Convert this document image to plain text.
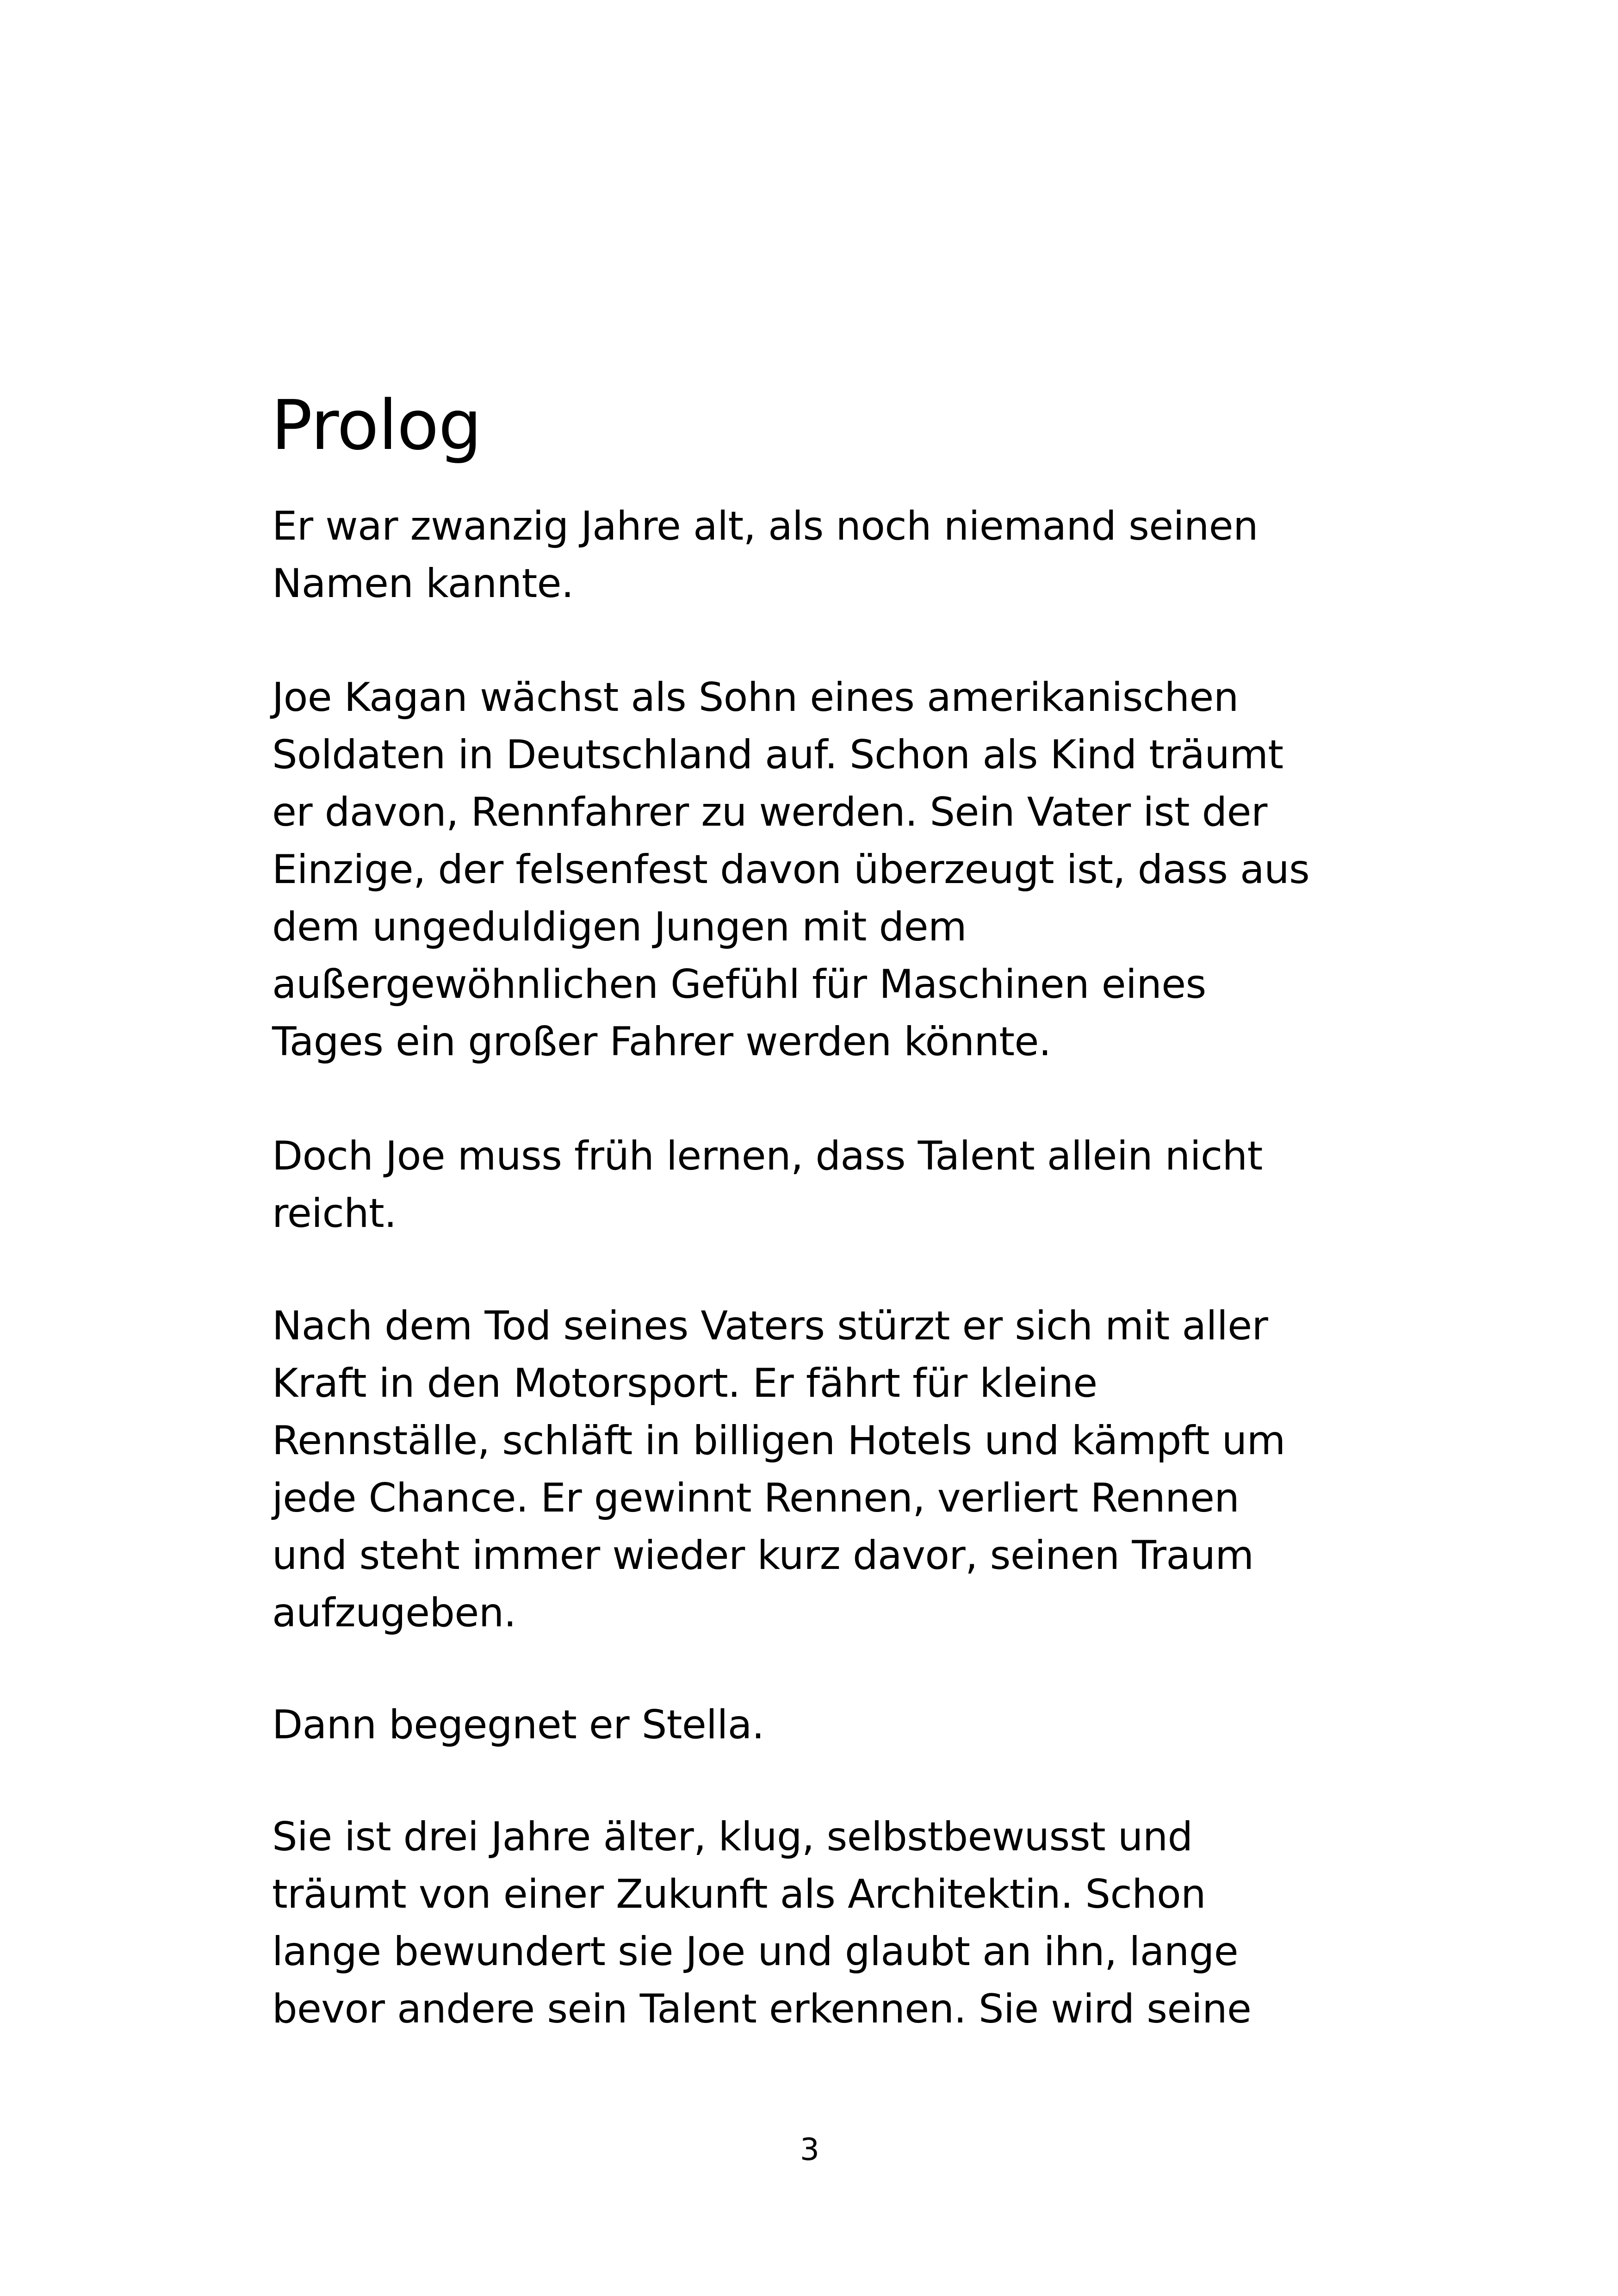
Prolog

Er war zwanzig Jahre alt, als noch niemand seinen
Namen kannte.

Joe Kagan wächst als Sohn eines amerikanischen
Soldaten in Deutschland auf. Schon als Kind träumt
er davon, Rennfahrer zu werden. Sein Vater ist der
Einzige, der felsenfest davon überzeugt ist, dass aus
dem ungeduldigen Jungen mit dem
außergewöhnlichen Gefühl für Maschinen eines
Tages ein großer Fahrer werden könnte.

Doch Joe muss früh lernen, dass Talent allein nicht
reicht.

Nach dem Tod seines Vaters stürzt er sich mit aller
Kraft in den Motorsport. Er fährt für kleine
Rennställe, schläft in billigen Hotels und kämpft um
jede Chance. Er gewinnt Rennen, verliert Rennen
und steht immer wieder kurz davor, seinen Traum
aufzugeben.

Dann begegnet er Stella.

Sie ist drei Jahre älter, klug, selbstbewusst und
träumt von einer Zukunft als Architektin. Schon
lange bewundert sie Joe und glaubt an ihn, lange
bevor andere sein Talent erkennen. Sie wird seine

3
